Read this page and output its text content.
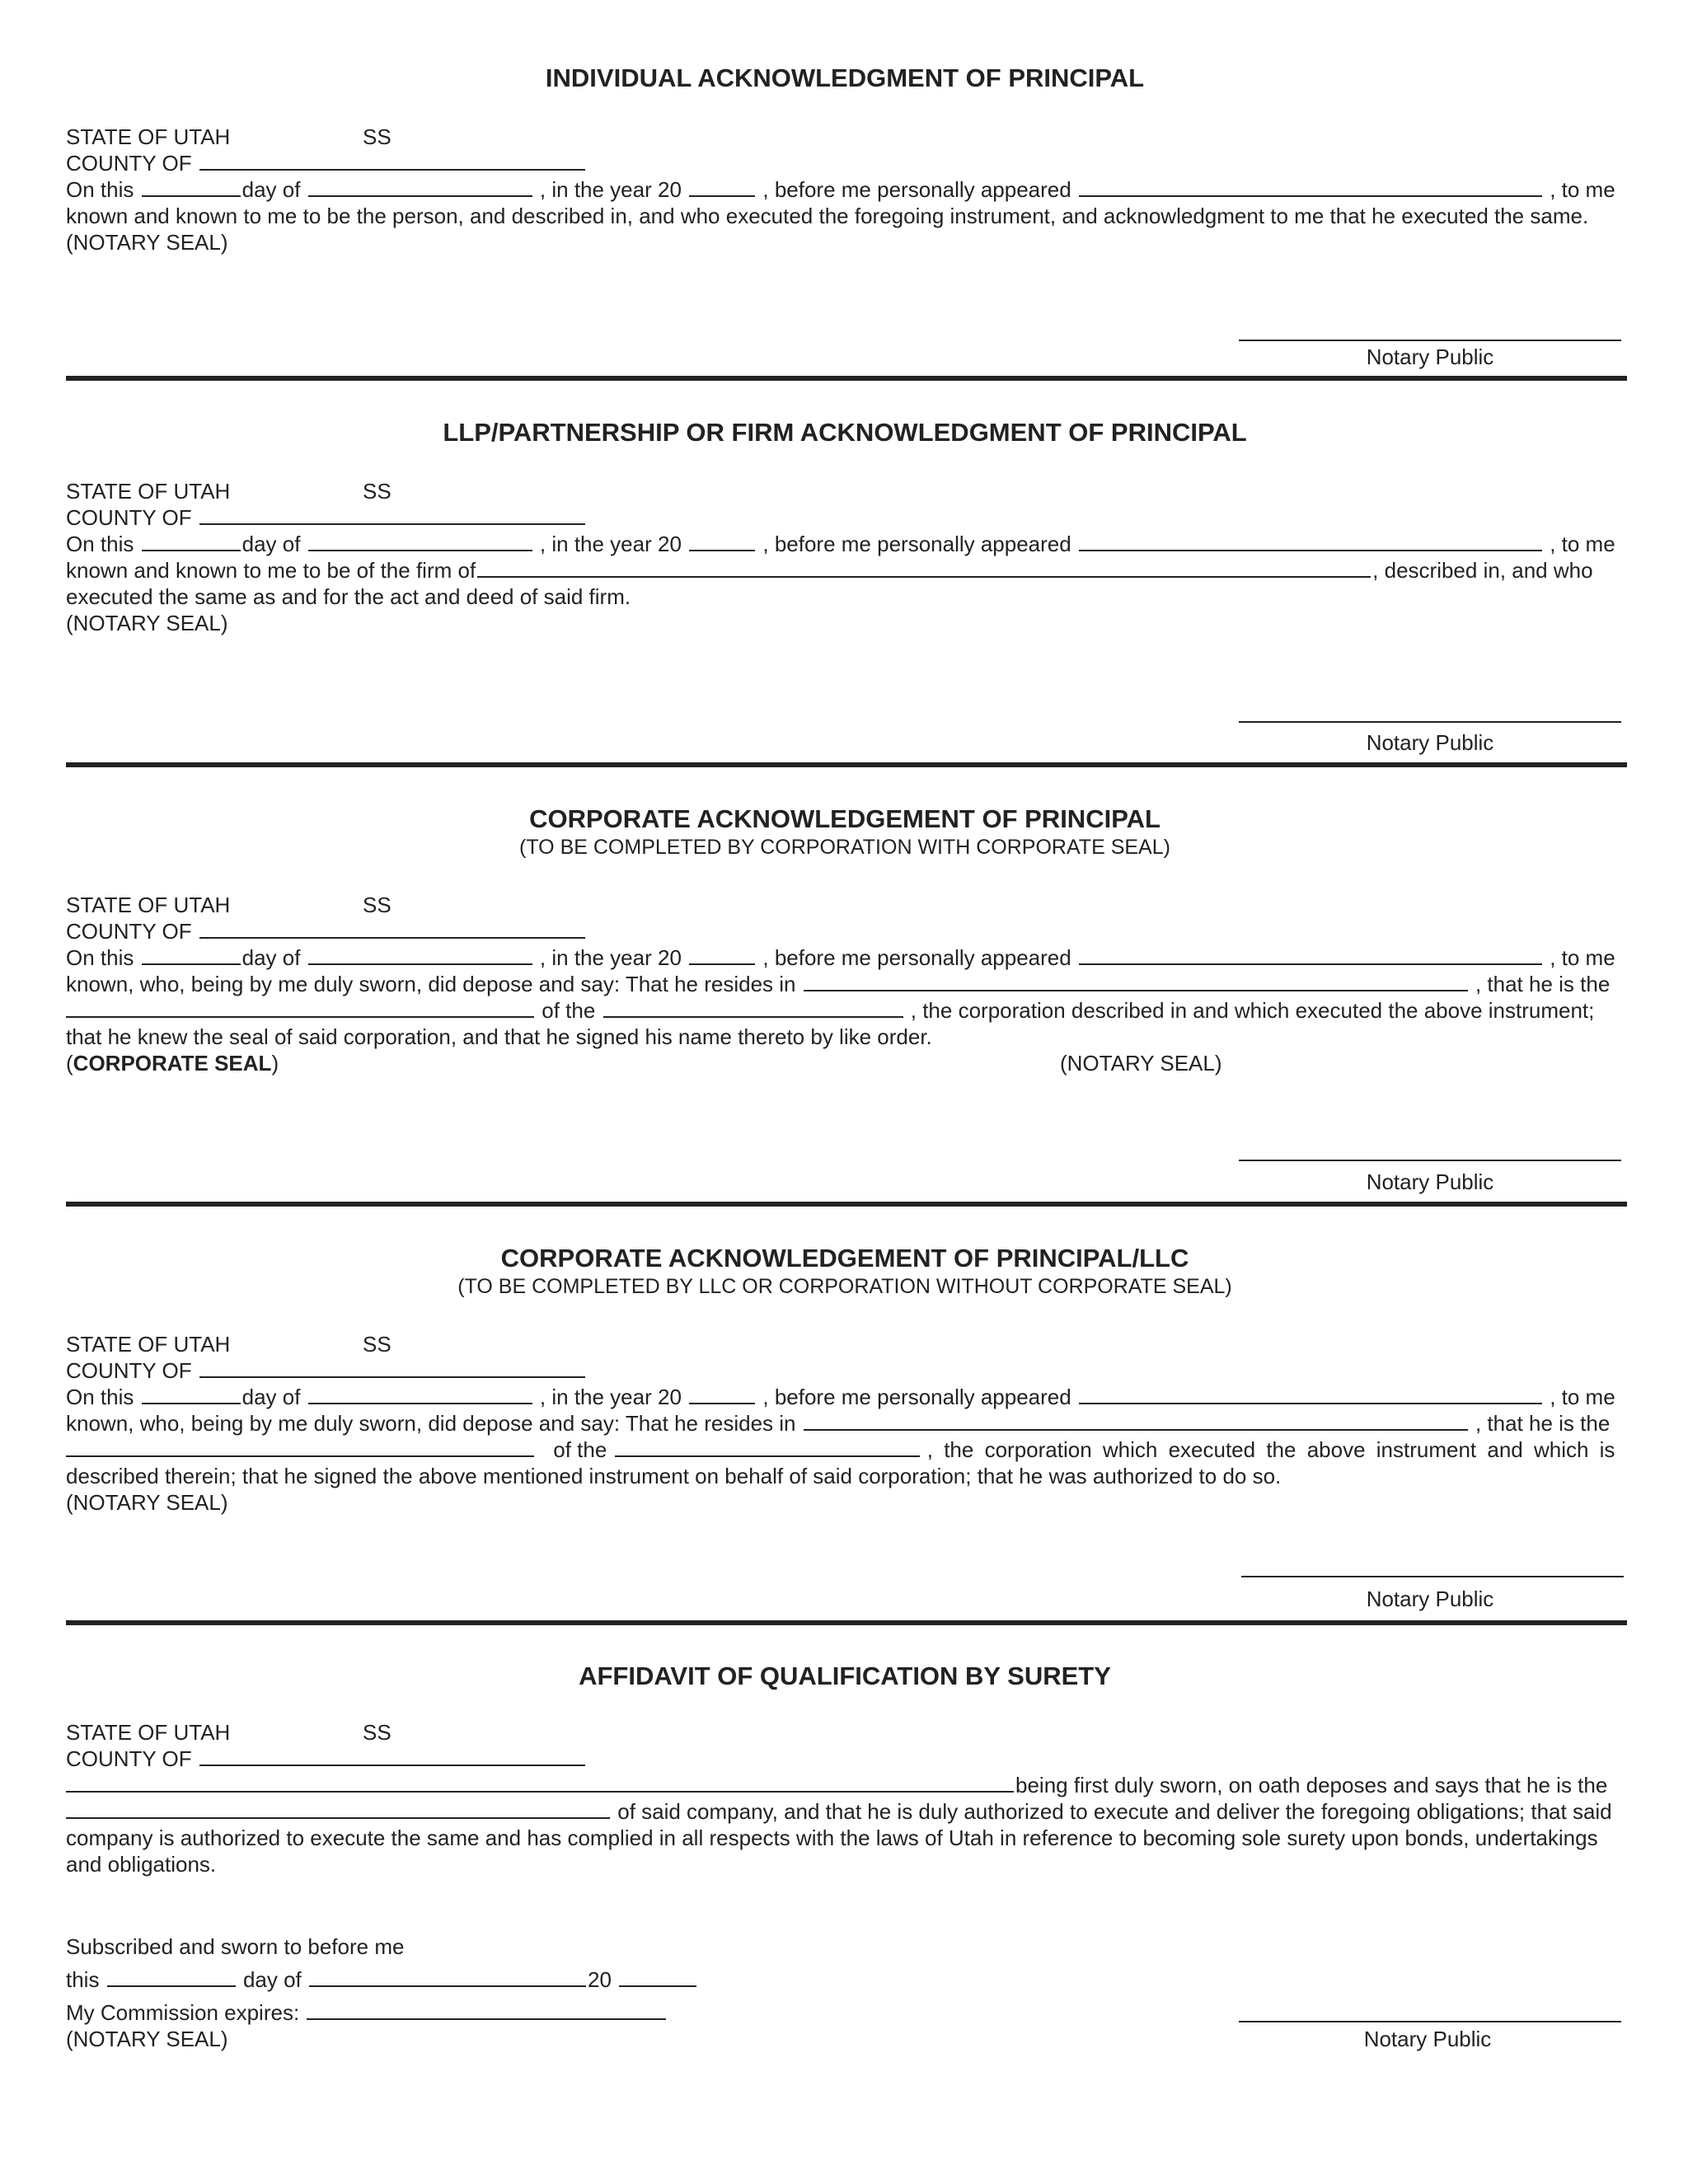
INDIVIDUAL ACKNOWLEDGMENT OF PRINCIPAL
STATE OF UTAH	SS
COUNTY OF
On this	day of	, in the year 20	, before me personally appeared	, to me
known and known to me to be the person, and described in, and who executed the foregoing instrument, and acknowledgment to me that he executed the same.
(NOTARY SEAL)
Notary Public
LLP/PARTNERSHIP OR FIRM ACKNOWLEDGMENT OF PRINCIPAL
STATE OF UTAH	SS
COUNTY OF
On this	day of	, in the year 20	, before me personally appeared	, to me
known and known to me to be of the firm of	, described in, and who
executed the same as and for the act and deed of said firm.
(NOTARY SEAL)
Notary Public
CORPORATE ACKNOWLEDGEMENT OF PRINCIPAL
(TO BE COMPLETED BY CORPORATION WITH CORPORATE SEAL)
STATE OF UTAH	SS
COUNTY OF
On this	day of	, in the year 20	, before me personally appeared	, to me
known, who, being by me duly sworn, did depose and say: That he resides in	, that he is the
of the	, the corporation described in and which executed the above instrument;
that he knew the seal of said corporation, and that he signed his name thereto by like order.
(CORPORATE SEAL)	(NOTARY SEAL)
Notary Public
CORPORATE ACKNOWLEDGEMENT OF PRINCIPAL/LLC
(TO BE COMPLETED BY LLC OR CORPORATION WITHOUT CORPORATE SEAL)
STATE OF UTAH	SS
COUNTY OF
On this	day of	, in the year 20	, before me personally appeared	, to me
known, who, being by me duly sworn, did depose and say: That he resides in	, that he is the
of the	, the corporation which executed the above instrument and which is
described therein; that he signed the above mentioned instrument on behalf of said corporation; that he was authorized to do so.
(NOTARY SEAL)
Notary Public
AFFIDAVIT OF QUALIFICATION BY SURETY
STATE OF UTAH	SS
COUNTY OF
being first duly sworn, on oath deposes and says that he is the
of said company, and that he is duly authorized to execute and deliver the foregoing obligations; that said
company is authorized to execute the same and has complied in all respects with the laws of Utah in reference to becoming sole surety upon bonds, undertakings
and obligations.
Subscribed and sworn to before me
this	day of	20
My Commission expires:
(NOTARY SEAL)	Notary Public
